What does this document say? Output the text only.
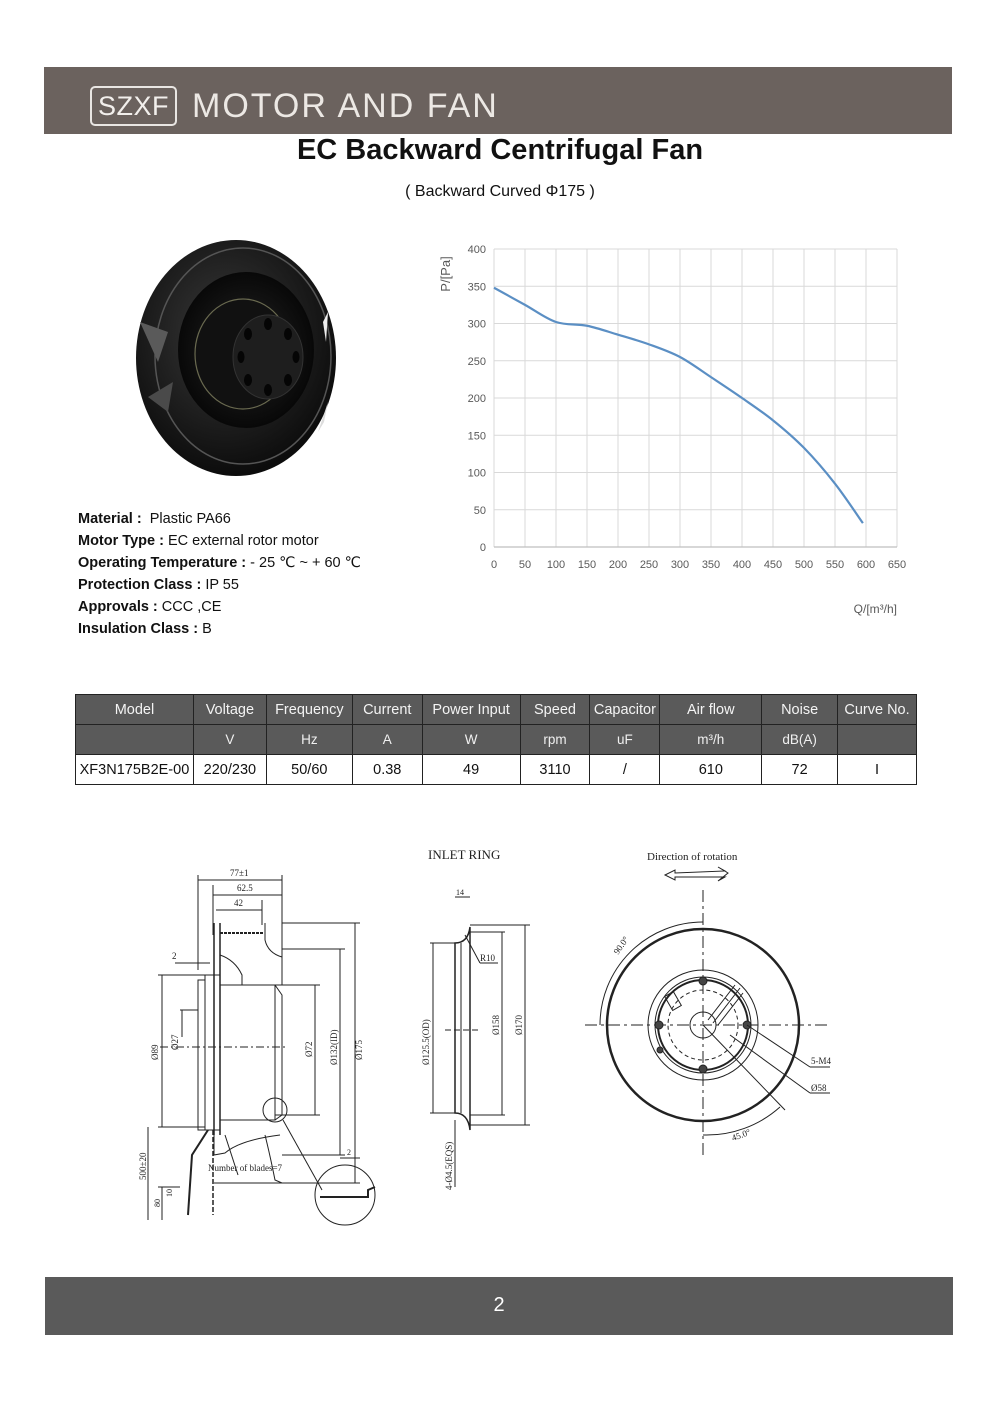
SZXF MOTOR AND FAN
EC Backward Centrifugal Fan
( Backward Curved Φ175 )
Material : Plastic PA66
Motor Type : EC external rotor motor
Operating Temperature : - 25 ℃ ~ + 60 ℃
Protection Class : IP 55
Approvals : CCC ,CE
Insulation Class : B
0 50 100 150 200 250 300 350 400 450 500 550 600 650
0
50
100
150
200
250
300
350
400
P/[Pa]
Q/[m³/h]
Model	Voltage	Frequency	Current	Power Input	Speed	Capacitor	Air flow	Noise	Curve No.
	V	Hz	A	W	rpm	uF	m³/h	dB(A)	
XF3N175B2E-00	220/230	50/60	0.38	49	3110	/	610	72	I
77±1
62.5
42
Ø175
Ø132(ID)
Ø72
Ø89
Ø27
2
500±20
80
10
Number of blades=7
2
INLET RING
14
R10
Ø170
Ø158
Ø125.5(OD)
4-Ø4.5(EQS)
Direction of rotation
90.0°
45.0°
5-M4
Ø58
2
